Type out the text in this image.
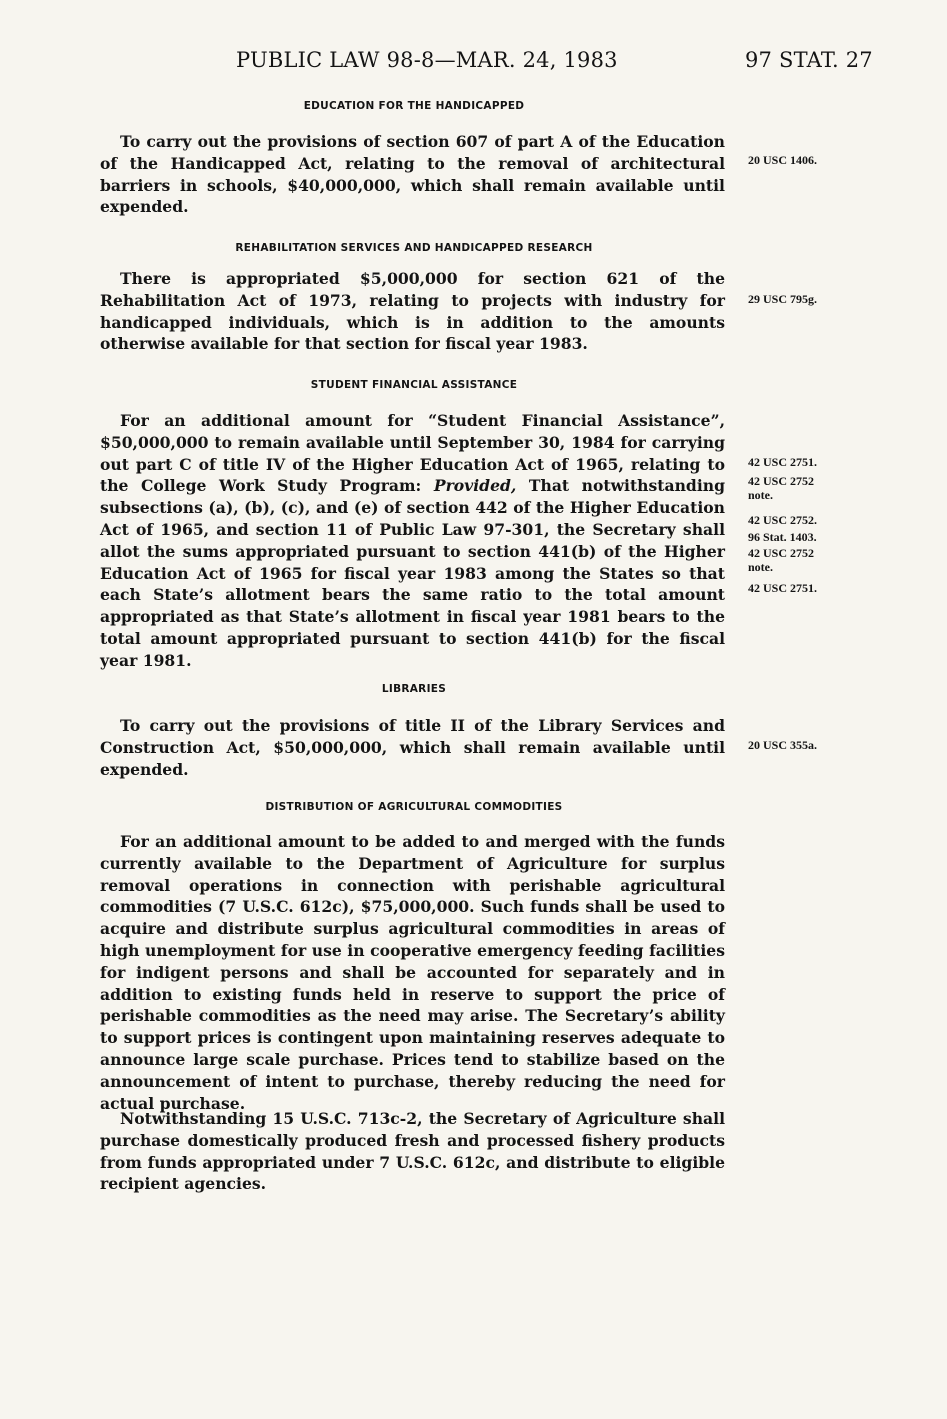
PUBLIC LAW 98-8—MAR. 24, 1983	97 STAT. 27
EDUCATION FOR THE HANDICAPPED

To carry out the provisions of section 607 of part A of the Education of the Handicapped Act, relating to the removal of architectural barriers in schools, $40,000,000, which shall remain available until expended.

REHABILITATION SERVICES AND HANDICAPPED RESEARCH

There is appropriated $5,000,000 for section 621 of the Rehabilitation Act of 1973, relating to projects with industry for handicapped individuals, which is in addition to the amounts otherwise available for that section for fiscal year 1983.

STUDENT FINANCIAL ASSISTANCE

For an additional amount for “Student Financial Assistance”, $50,000,000 to remain available until September 30, 1984 for carrying out part C of title IV of the Higher Education Act of 1965, relating to the College Work Study Program: Provided, That notwithstanding subsections (a), (b), (c), and (e) of section 442 of the Higher Education Act of 1965, and section 11 of Public Law 97-301, the Secretary shall allot the sums appropriated pursuant to section 441(b) of the Higher Education Act of 1965 for fiscal year 1983 among the States so that each State’s allotment bears the same ratio to the total amount appropriated as that State’s allotment in fiscal year 1981 bears to the total amount appropriated pursuant to section 441(b) for the fiscal year 1981.

LIBRARIES

To carry out the provisions of title II of the Library Services and Construction Act, $50,000,000, which shall remain available until expended.

DISTRIBUTION OF AGRICULTURAL COMMODITIES

For an additional amount to be added to and merged with the funds currently available to the Department of Agriculture for surplus removal operations in connection with perishable agricultural commodities (7 U.S.C. 612c), $75,000,000. Such funds shall be used to acquire and distribute surplus agricultural commodities in areas of high unemployment for use in cooperative emergency feeding facilities for indigent persons and shall be accounted for separately and in addition to existing funds held in reserve to support the price of perishable commodities as the need may arise. The Secretary’s ability to support prices is contingent upon maintaining reserves adequate to announce large scale purchase. Prices tend to stabilize based on the announcement of intent to purchase, thereby reducing the need for actual purchase.

Notwithstanding 15 U.S.C. 713c-2, the Secretary of Agriculture shall purchase domestically produced fresh and processed fishery products from funds appropriated under 7 U.S.C. 612c, and distribute to eligible recipient agencies.

20 USC 1406.
29 USC 795g.
42 USC 2751.
42 USC 2752 note.
42 USC 2752.
96 Stat. 1403.
42 USC 2752 note.
42 USC 2751.
20 USC 355a.
